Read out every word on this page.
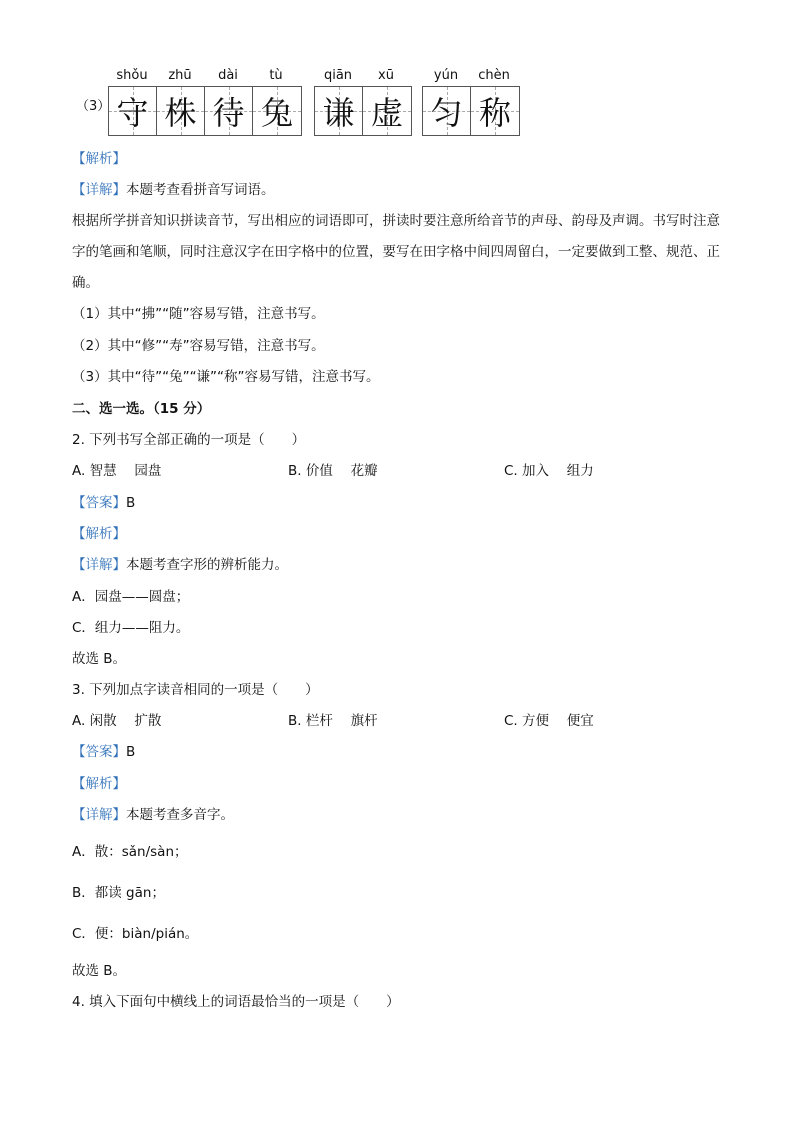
（3）
shǒu	zhū	dài	tù
守 株 待 兔
qiān	xū
谦 虚
yún	chèn
匀 称
【解析】
【详解】本题考查看拼音写词语。
根据所学拼音知识拼读音节，写出相应的词语即可，拼读时要注意所给音节的声母、韵母及声调。书写时注意字的笔画和笔顺，同时注意汉字在田字格中的位置，要写在田字格中间四周留白，一定要做到工整、规范、正确。
（1）其中“拂”“随”容易写错，注意书写。
（2）其中“修”“寿”容易写错，注意书写。
（3）其中“待”“兔”“谦”“称”容易写错，注意书写。
二、选一选。（15 分）
2. 下列书写全部正确的一项是（　　）
A. 智慧　 园盘	B. 价值　 花瓣	C. 加入　 组力
【答案】B
【解析】
【详解】本题考查字形的辨析能力。
A．园盘——圆盘；
C．组力——阻力。
故选 B。
3. 下列加点字读音相同的一项是（　　）
A. 闲散　 扩散	B. 栏杆　 旗杆	C. 方便　 便宜
【答案】B
【解析】
【详解】本题考查多音字。
A．散：sǎn/sàn；
B．都读 gān；
C．便：biàn/pián。
故选 B。
4. 填入下面句中横线上的词语最恰当的一项是（　　）
